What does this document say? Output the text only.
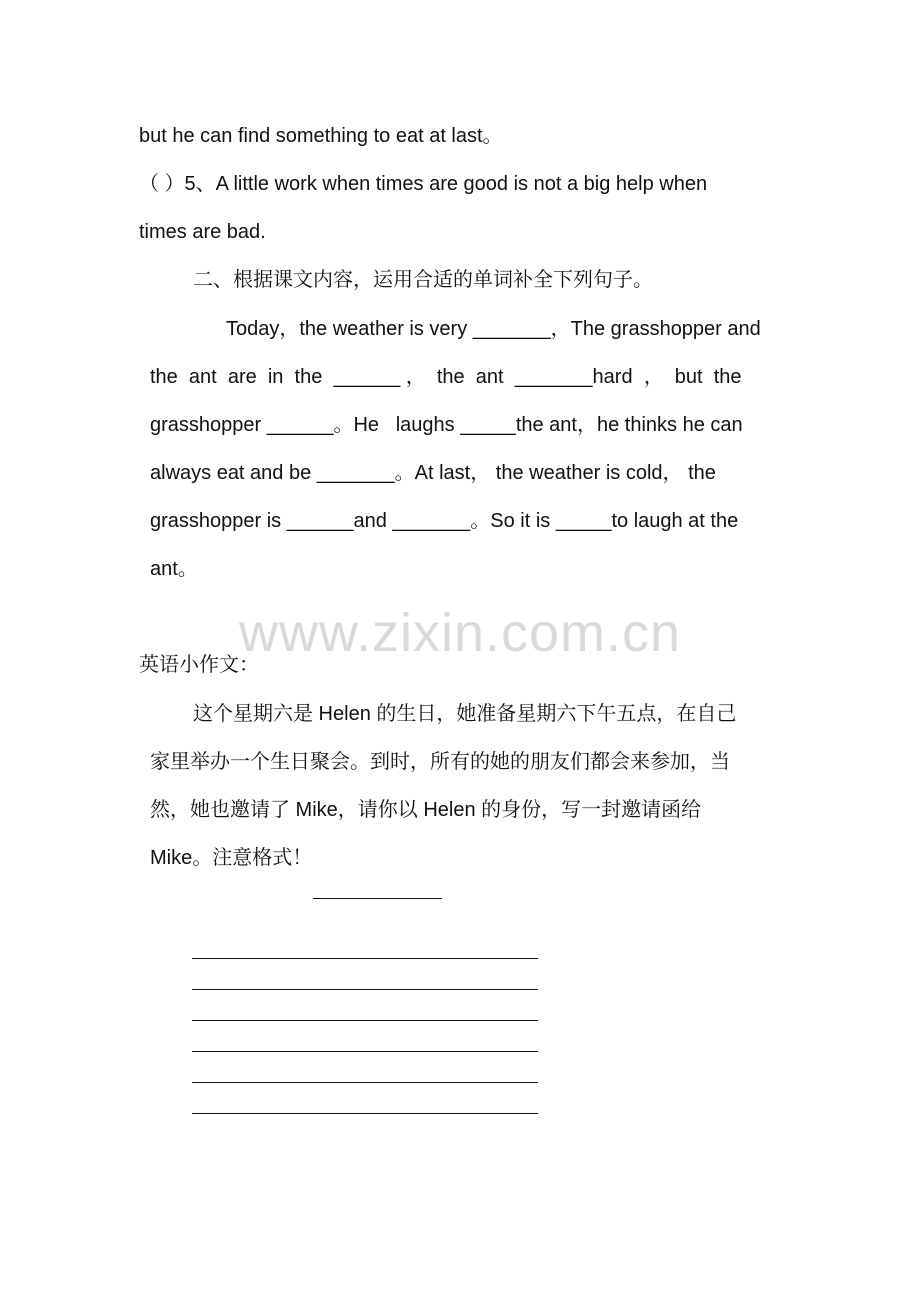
but he can find something to eat at last。
（ ）5、A little work when times are good is not a big help when
times are bad.
二、根据课文内容，运用合适的单词补全下列句子。
Today，the weather is very _______，The grasshopper and
the  ant  are  in  the  ______ ，  the  ant  _______hard  ，  but  the
grasshopper ______。He   laughs _____the ant，he thinks he can
always eat and be _______。At last， the weather is cold， the
grasshopper is ______and _______。So it is _____to laugh at the
ant。
www.zixin.com.cn
英语小作文：
这个星期六是 Helen 的生日，她准备星期六下午五点，在自己
家里举办一个生日聚会。到时，所有的她的朋友们都会来参加，当
然，她也邀请了 Mike，请你以 Helen 的身份，写一封邀请函给
Mike。注意格式！
